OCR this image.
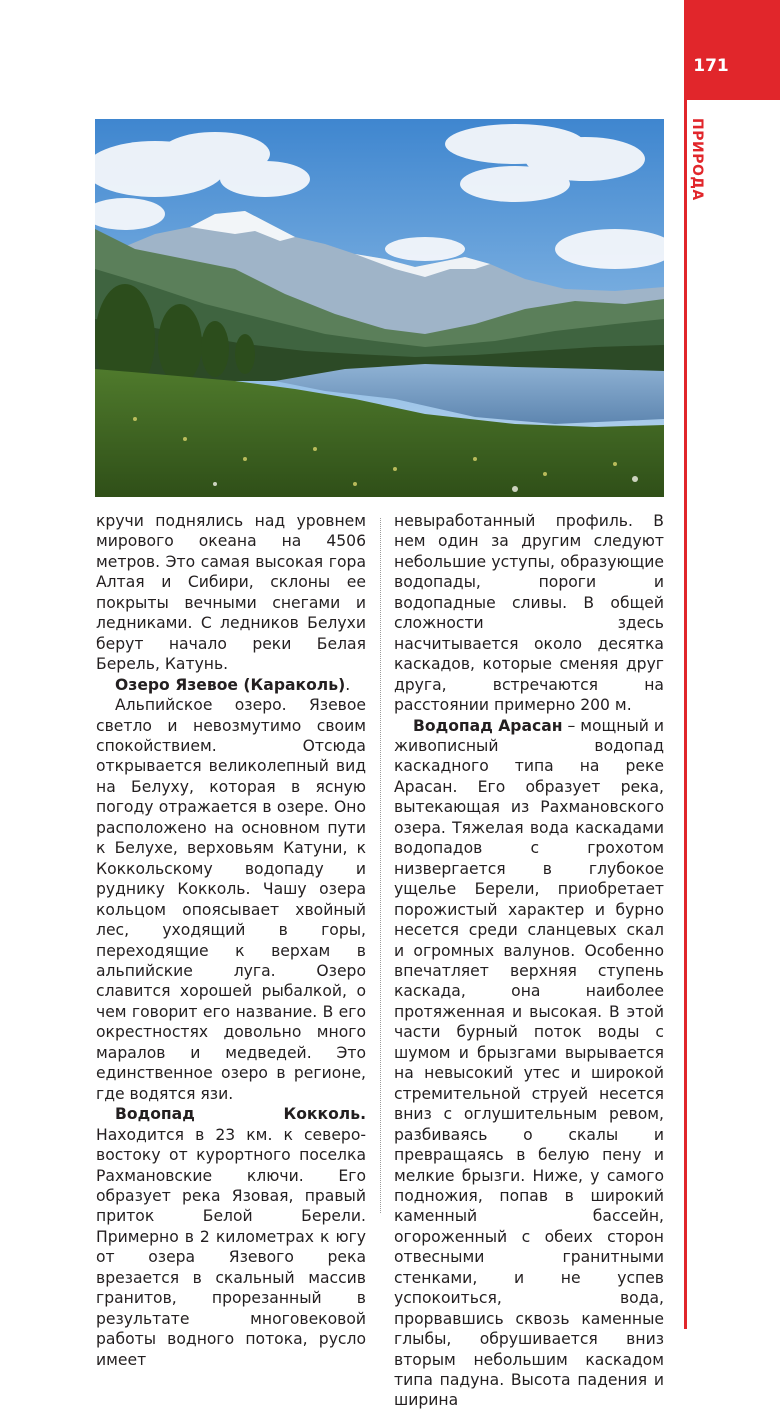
171
ПРИРОДА

кручи поднялись над уровнем мирового океана на 4506 метров. Это самая высокая гора Алтая и Сибири, склоны ее покрыты вечными снегами и ледниками. С ледников Белухи берут начало реки Белая Берель, Катунь.

Озеро Язевое (Караколь).

Альпийское озеро. Язевое светло и невозмутимо своим спокойствием. Отсюда открывается великолепный вид на Белуху, которая в ясную погоду отражается в озере. Оно расположено на основном пути к Белухе, верховьям Катуни, к Коккольскому водопаду и руднику Кокколь. Чашу озера кольцом опоясывает хвойный лес, уходящий в горы, переходящие к верхам в альпийские луга. Озеро славится хорошей рыбалкой, о чем говорит его название. В его окрестностях довольно много маралов и медведей. Это единственное озеро в регионе, где водятся язи.

Водопад Кокколь. Находится в 23 км. к северо-востоку от курортного поселка Рахмановские ключи. Его образует река Язовая, правый приток Белой Берели. Примерно в 2 километрах к югу от озера Язевого река врезается в скальный массив гранитов, прорезанный в результате многовековой работы водного потока, русло имеет

невыработанный профиль. В нем один за другим следуют небольшие уступы, образующие водопады, пороги и водопадные сливы. В общей сложности здесь насчитывается около десятка каскадов, которые сменяя друг друга, встречаются на расстоянии примерно 200 м.

Водопад Арасан – мощный и живописный водопад каскадного типа на реке Арасан. Его образует река, вытекающая из Рахмановского озера. Тяжелая вода каскадами водопадов с грохотом низвергается в глубокое ущелье Берели, приобретает порожистый характер и бурно несется среди сланцевых скал и огромных валунов. Особенно впечатляет верхняя ступень каскада, она наиболее протяженная и высокая. В этой части бурный поток воды с шумом и брызгами вырывается на невысокий утес и широкой стремительной струей несется вниз с оглушительным ревом, разбиваясь о скалы и превращаясь в белую пену и мелкие брызги. Ниже, у самого подножия, попав в широкий каменный бассейн, огороженный с обеих сторон отвесными гранитными стенками, и не успев успокоиться, вода, прорвавшись сквозь каменные глыбы, обрушивается вниз вторым небольшим каскадом типа падуна. Высота падения и ширина
